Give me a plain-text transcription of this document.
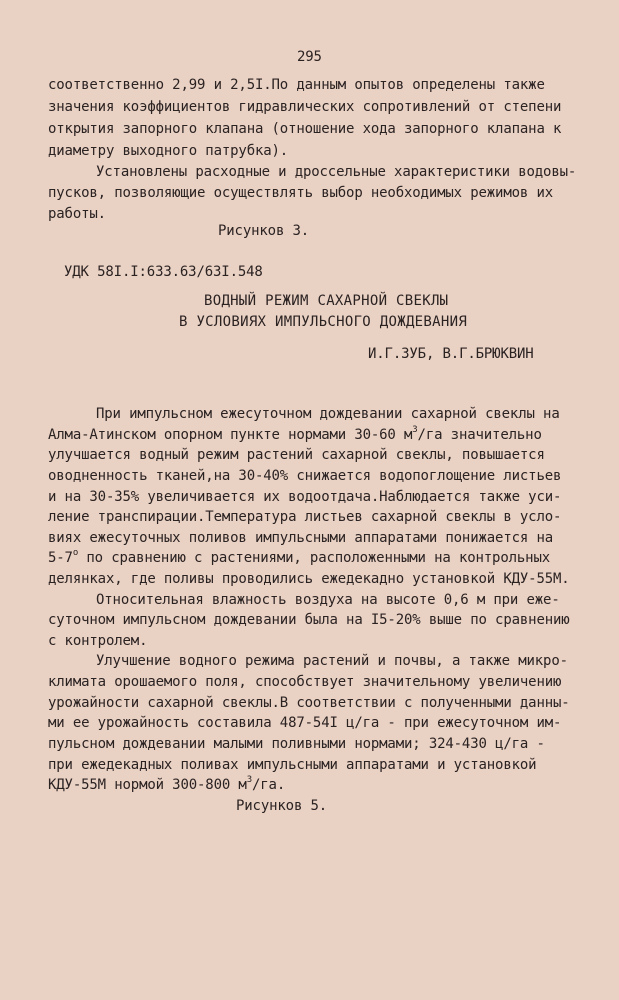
295
соответственно 2,99 и 2,5I.По данным опытов определены также
значения коэффициентов гидравлических сопротивлений от степени
открытия запорного клапана (отношение хода запорного клапана к
диаметру выходного патрубка).
Установлены расходные и дроссельные характеристики водовы-
пусков, позволяющие осуществлять выбор необходимых режимов их
работы.
Рисунков 3.
УДК 58I.I:633.63/63I.548
ВОДНЫЙ РЕЖИМ САХАРНОЙ СВЕКЛЫ
В УСЛОВИЯХ ИМПУЛЬСНОГО ДОЖДЕВАНИЯ
И.Г.ЗУБ, В.Г.БРЮКВИН
При импульсном ежесуточном дождевании сахарной свеклы на
Алма-Атинском опорном пункте нормами 30-60 $м^3/га$ значительно
улучшается водный режим растений сахарной свеклы, повышается
оводненность тканей,на 30-40% снижается водопоглощение листьев
и на 30-35% увеличивается их водоотдача.Наблюдается также уси-
ление транспирации.Температура листьев сахарной свеклы в усло-
виях ежесуточных поливов импульсными аппаратами понижается на
$5-7^о$ по сравнению с растениями, расположенными на контрольных
делянках, где поливы проводились ежедекадно установкой КДУ-55М.
Относительная влажность воздуха на высоте 0,6 м при еже-
суточном импульсном дождевании была на I5-20% выше по сравнению
с контролем.
Улучшение водного режима растений и почвы, а также микро-
климата орошаемого поля, способствует значительному увеличению
урожайности сахарной свеклы.В соответствии с полученными данны-
ми ее урожайность составила 487-54I ц/га - при ежесуточном им-
пульсном дождевании малыми поливными нормами; 324-430 ц/га -
при ежедекадных поливах импульсными аппаратами и установкой
КДУ-55М нормой 300-800 $м^3/га$.
Рисунков 5.
